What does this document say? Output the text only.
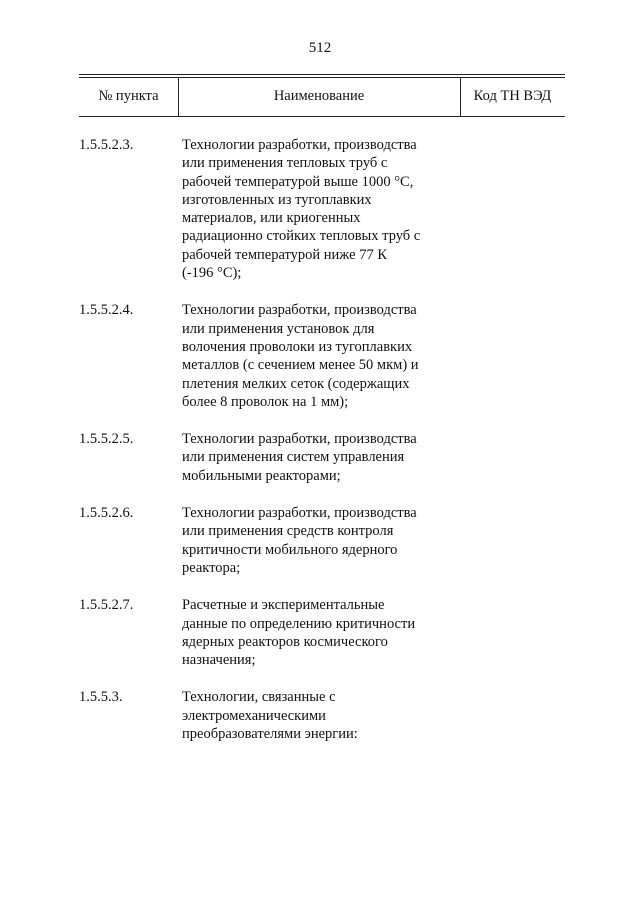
512
№ пункта	Наименование	Код ТН ВЭД
1.5.5.2.3.	Технологии разработки, производства
или применения тепловых труб с
рабочей температурой выше 1000 °С,
изготовленных из тугоплавких
материалов, или криогенных
радиационно стойких тепловых труб с
рабочей температурой ниже 77 К
(-196 °С);
1.5.5.2.4.	Технологии разработки, производства
или применения установок для
волочения проволоки из тугоплавких
металлов (с сечением менее 50 мкм) и
плетения мелких сеток (содержащих
более 8 проволок на 1 мм);
1.5.5.2.5.	Технологии разработки, производства
или применения систем управления
мобильными реакторами;
1.5.5.2.6.	Технологии разработки, производства
или применения средств контроля
критичности мобильного ядерного
реактора;
1.5.5.2.7.	Расчетные и экспериментальные
данные по определению критичности
ядерных реакторов космического
назначения;
1.5.5.3.	Технологии, связанные с
электромеханическими
преобразователями энергии:
